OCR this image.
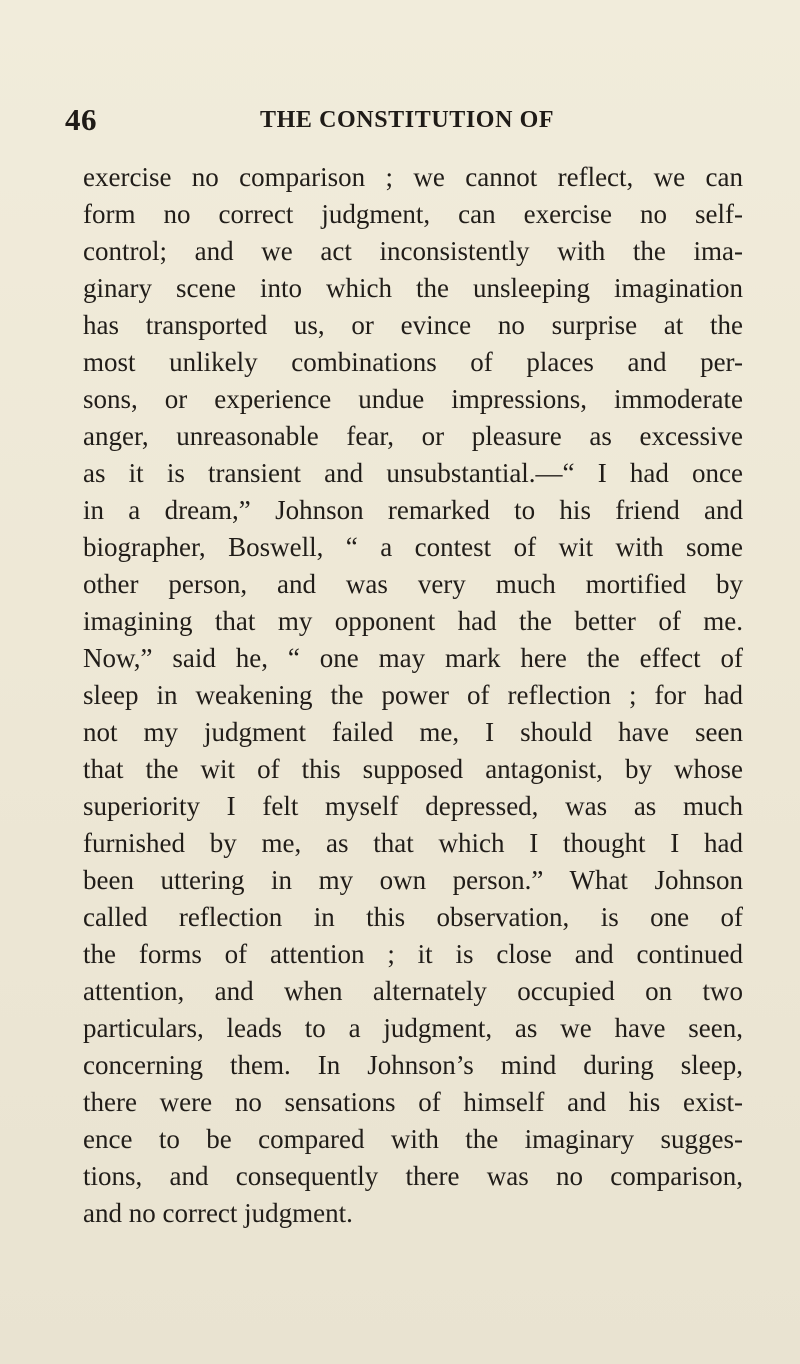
46	THE CONSTITUTION OF
exercise no comparison ; we cannot reflect, we can
form no correct judgment, can exercise no self-
control; and we act inconsistently with the ima-
ginary scene into which the unsleeping imagination
has transported us, or evince no surprise at the
most unlikely combinations of places and per-
sons, or experience undue impressions, immoderate
anger, unreasonable fear, or pleasure as excessive
as it is transient and unsubstantial.—“ I had once
in a dream,” Johnson remarked to his friend and
biographer, Boswell, “ a contest of wit with some
other person, and was very much mortified by
imagining that my opponent had the better of me.
Now,” said he, “ one may mark here the effect of
sleep in weakening the power of reflection ; for had
not my judgment failed me, I should have seen
that the wit of this supposed antagonist, by whose
superiority I felt myself depressed, was as much
furnished by me, as that which I thought I had
been uttering in my own person.” What Johnson
called reflection in this observation, is one of
the forms of attention ; it is close and continued
attention, and when alternately occupied on two
particulars, leads to a judgment, as we have seen,
concerning them. In Johnson’s mind during sleep,
there were no sensations of himself and his exist-
ence to be compared with the imaginary sugges-
tions, and consequently there was no comparison,
and no correct judgment.
